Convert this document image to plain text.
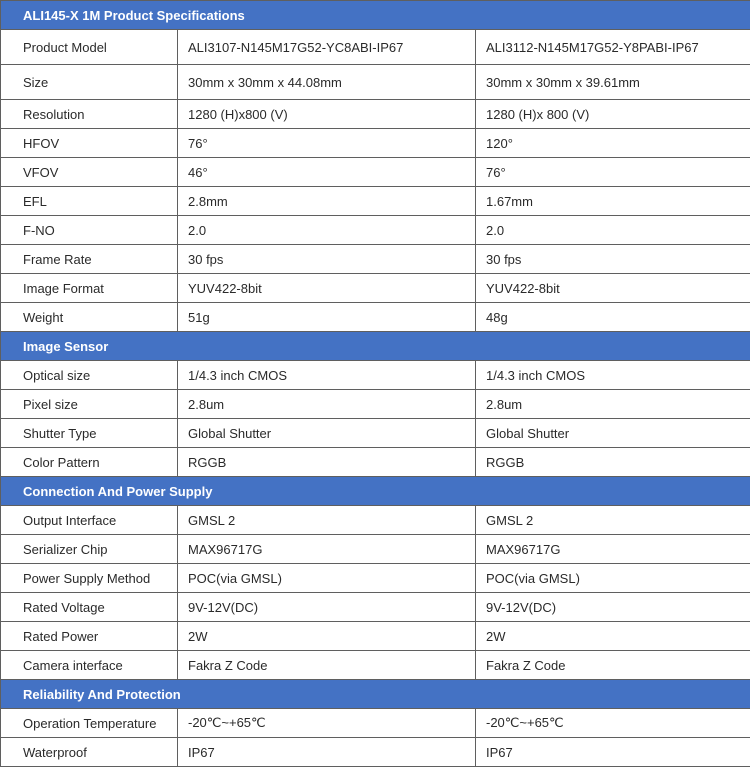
ALI145-X 1M Product Specifications		
Product Model	ALI3107-N145M17G52-YC8ABI-IP67	ALI3112-N145M17G52-Y8PABI-IP67
Size	30mm x 30mm x 44.08mm	30mm x 30mm x 39.61mm
Resolution	1280 (H)x800 (V)	1280 (H)x 800 (V)
HFOV	76°	120°
VFOV	46°	76°
EFL	2.8mm	1.67mm
F-NO	2.0	2.0
Frame Rate	30 fps	30 fps
Image Format	YUV422-8bit	YUV422-8bit
Weight	51g	48g
Image Sensor		
Optical size	1/4.3 inch CMOS	1/4.3 inch CMOS
Pixel size	2.8um	2.8um
Shutter Type	Global Shutter	Global Shutter
Color Pattern	RGGB	RGGB
Connection And Power Supply		
Output Interface	GMSL 2	GMSL 2
Serializer Chip	MAX96717G	MAX96717G
Power Supply Method	POC(via GMSL)	POC(via GMSL)
Rated Voltage	9V-12V(DC)	9V-12V(DC)
Rated Power	2W	2W
Camera interface	Fakra Z Code	Fakra Z Code
Reliability And Protection		
Operation Temperature	-20℃~+65℃	-20℃~+65℃
Waterproof	IP67	IP67
